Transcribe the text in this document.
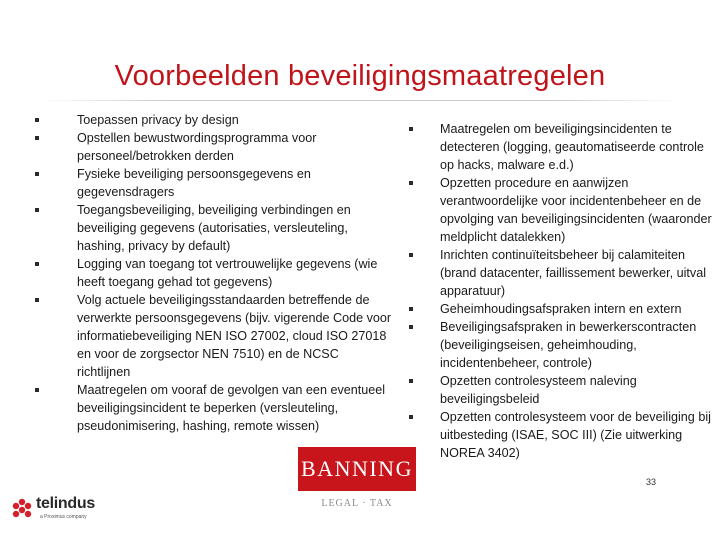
Voorbeelden beveiligingsmaatregelen
Toepassen privacy by design
Opstellen bewustwordingsprogramma voor personeel/betrokken derden
Fysieke beveiliging persoonsgegevens en gegevensdragers
Toegangsbeveiliging, beveiliging verbindingen en beveiliging gegevens (autorisaties, versleuteling, hashing, privacy by default)
Logging van toegang tot vertrouwelijke gegevens (wie heeft toegang gehad tot gegevens)
Volg actuele beveiligingsstandaarden betreffende de verwerkte persoonsgegevens (bijv. vigerende Code voor informatiebeveiliging NEN ISO 27002, cloud ISO 27018 en voor de zorgsector NEN 7510) en de NCSC richtlijnen
Maatregelen om vooraf de gevolgen van een eventueel beveiligingsincident te beperken (versleuteling, pseudonimisering, hashing, remote wissen)
Maatregelen om beveiligingsincidenten te detecteren (logging, geautomatiseerde controle op hacks, malware e.d.)
Opzetten procedure en aanwijzen verantwoordelijke voor incidentenbeheer en de opvolging van beveiligingsincidenten (waaronder meldplicht datalekken)
Inrichten continuïteitsbeheer bij calamiteiten (brand datacenter, faillissement bewerker, uitval apparatuur)
Geheimhoudingsafspraken intern en extern
Beveiligingsafspraken in bewerkerscontracten (beveiligingseisen, geheimhouding, incidentenbeheer, controle)
Opzetten controlesysteem naleving beveiligingsbeleid
Opzetten controlesysteem voor de beveiliging bij uitbesteding (ISAE, SOC III) (Zie uitwerking NOREA 3402)
BANNING
LEGAL · TAX
33
telindus
a Proximus company
